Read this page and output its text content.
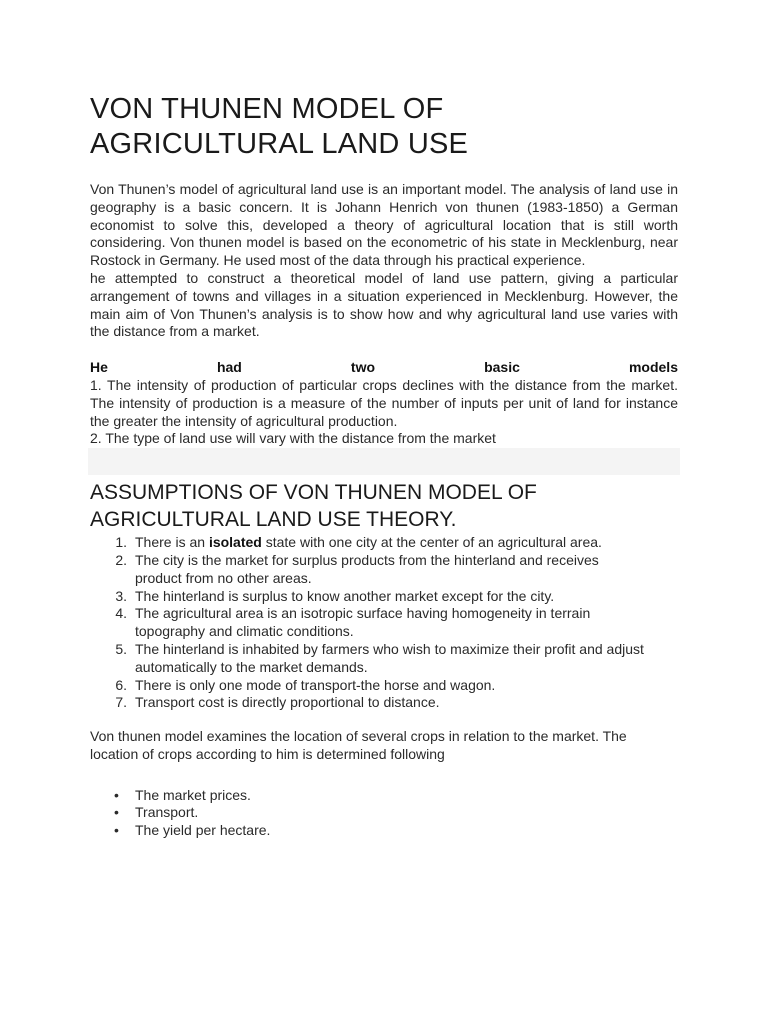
VON THUNEN MODEL OF
AGRICULTURAL LAND USE

Von Thunen’s model of agricultural land use is an important model. The analysis of land use in geography is a basic concern. It is Johann Henrich von thunen (1983-1850) a German economist to solve this, developed a theory of agricultural location that is still worth considering. Von thunen model is based on the econometric of his state in Mecklenburg, near Rostock in Germany. He used most of the data through his practical experience.

he attempted to construct a theoretical model of land use pattern, giving a particular arrangement of towns and villages in a situation experienced in Mecklenburg. However, the main aim of Von Thunen’s analysis is to show how and why agricultural land use varies with the distance from a market.

He	had	two	basic	models
1. The intensity of production of particular crops declines with the distance from the market. The intensity of production is a measure of the number of inputs per unit of land for instance the greater the intensity of agricultural production.
2. The type of land use will vary with the distance from the market
ASSUMPTIONS OF VON THUNEN MODEL OF
AGRICULTURAL LAND USE THEORY.
1. There is an isolated state with one city at the center of an agricultural area.
2. The city is the market for surplus products from the hinterland and receives product from no other areas.
3. The hinterland is surplus to know another market except for the city.
4. The agricultural area is an isotropic surface having homogeneity in terrain topography and climatic conditions.
5. The hinterland is inhabited by farmers who wish to maximize their profit and adjust automatically to the market demands.
6. There is only one mode of transport-the horse and wagon.
7. Transport cost is directly proportional to distance.

Von thunen model examines the location of several crops in relation to the market. The location of crops according to him is determined following

•	The market prices.
•	Transport.
•	The yield per hectare.
